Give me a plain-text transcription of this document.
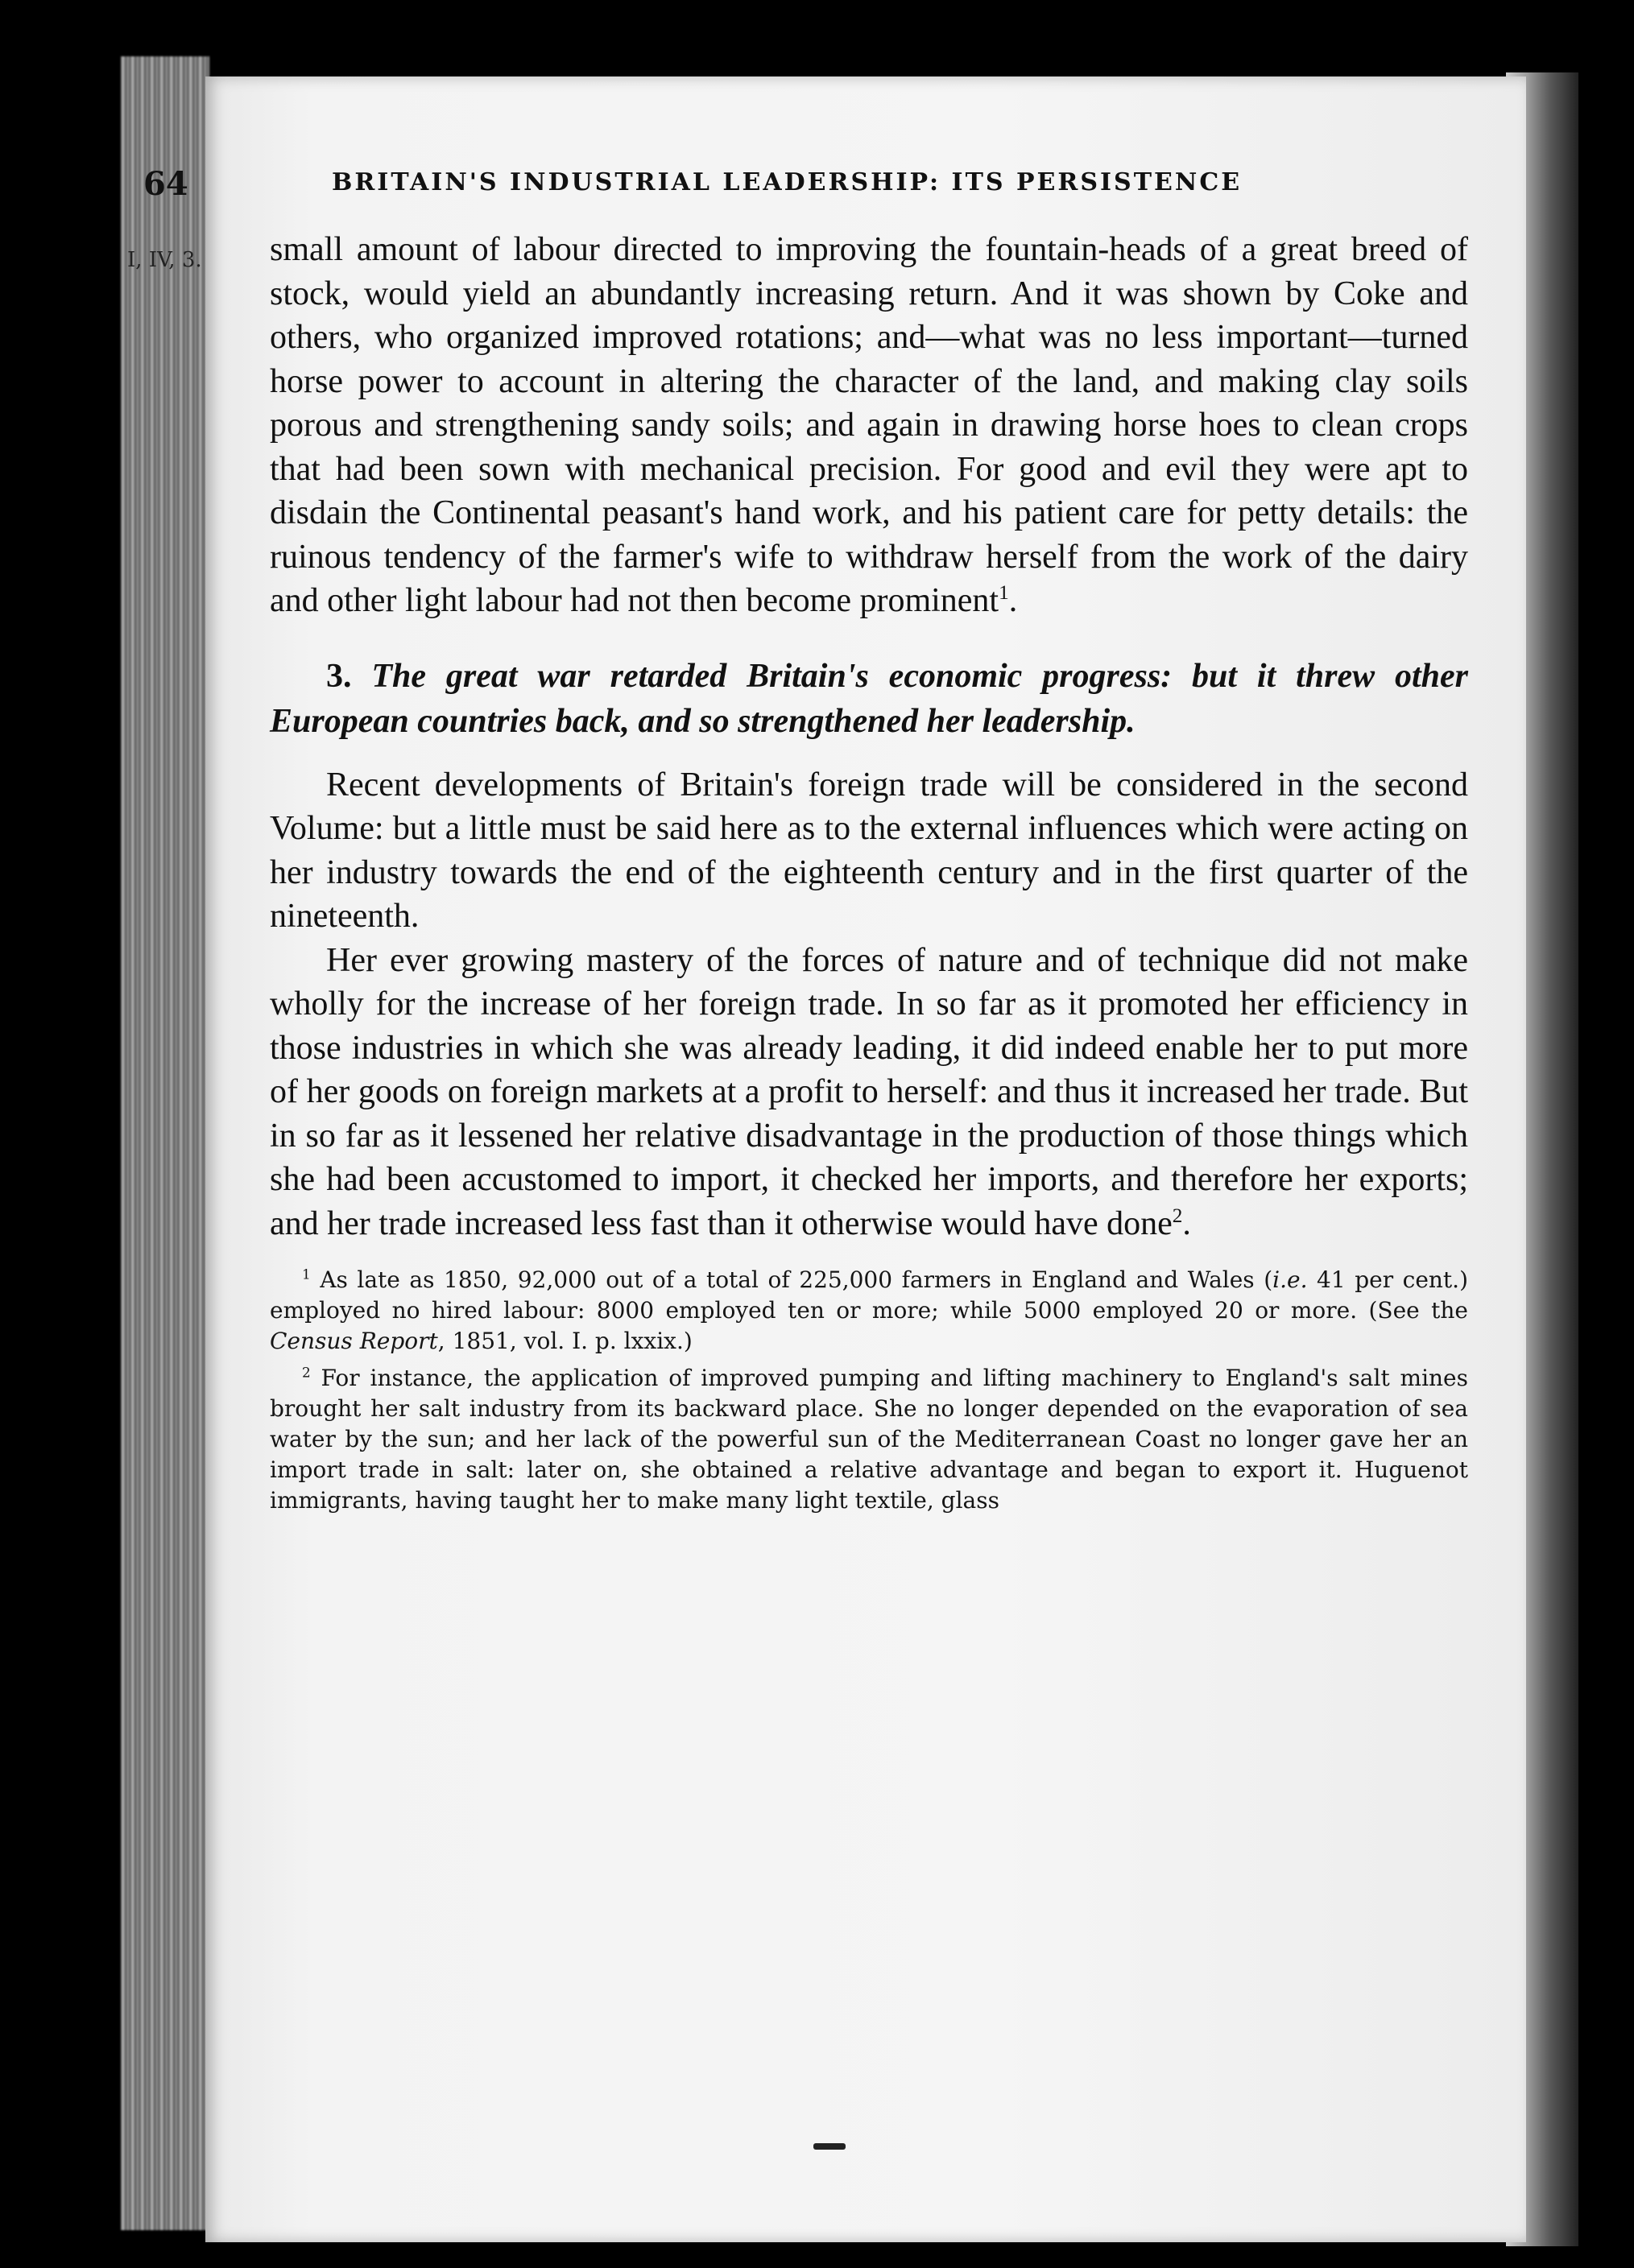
64	BRITAIN'S INDUSTRIAL LEADERSHIP: ITS PERSISTENCE
I, IV, 3. small amount of labour directed to improving the fountain-heads of a great breed of stock, would yield an abundantly increasing return. And it was shown by Coke and others, who organized improved rotations; and—what was no less important—turned horse power to account in altering the character of the land, and making clay soils porous and strengthening sandy soils; and again in drawing horse hoes to clean crops that had been sown with mechanical precision. For good and evil they were apt to disdain the Continental peasant's hand work, and his patient care for petty details: the ruinous tendency of the farmer's wife to withdraw herself from the work of the dairy and other light labour had not then become prominent$^1$.

3. The great war retarded Britain's economic progress: but it threw other European countries back, and so strengthened her leadership.

Recent developments of Britain's foreign trade will be considered in the second Volume: but a little must be said here as to the external influences which were acting on her industry towards the end of the eighteenth century and in the first quarter of the nineteenth.

Her ever growing mastery of the forces of nature and of technique did not make wholly for the increase of her foreign trade. In so far as it promoted her efficiency in those industries in which she was already leading, it did indeed enable her to put more of her goods on foreign markets at a profit to herself: and thus it increased her trade. But in so far as it lessened her relative disadvantage in the production of those things which she had been accustomed to import, it checked her imports, and therefore her exports; and her trade increased less fast than it otherwise would have done$^2$.

$^1$ As late as 1850, 92,000 out of a total of 225,000 farmers in England and Wales (i.e. 41 per cent.) employed no hired labour: 8000 employed ten or more; while 5000 employed 20 or more. (See the Census Report, 1851, vol. I. p. lxxix.)

$^2$ For instance, the application of improved pumping and lifting machinery to England's salt mines brought her salt industry from its backward place. She no longer depended on the evaporation of sea water by the sun; and her lack of the powerful sun of the Mediterranean Coast no longer gave her an import trade in salt: later on, she obtained a relative advantage and began to export it. Huguenot immigrants, having taught her to make many light textile, glass
